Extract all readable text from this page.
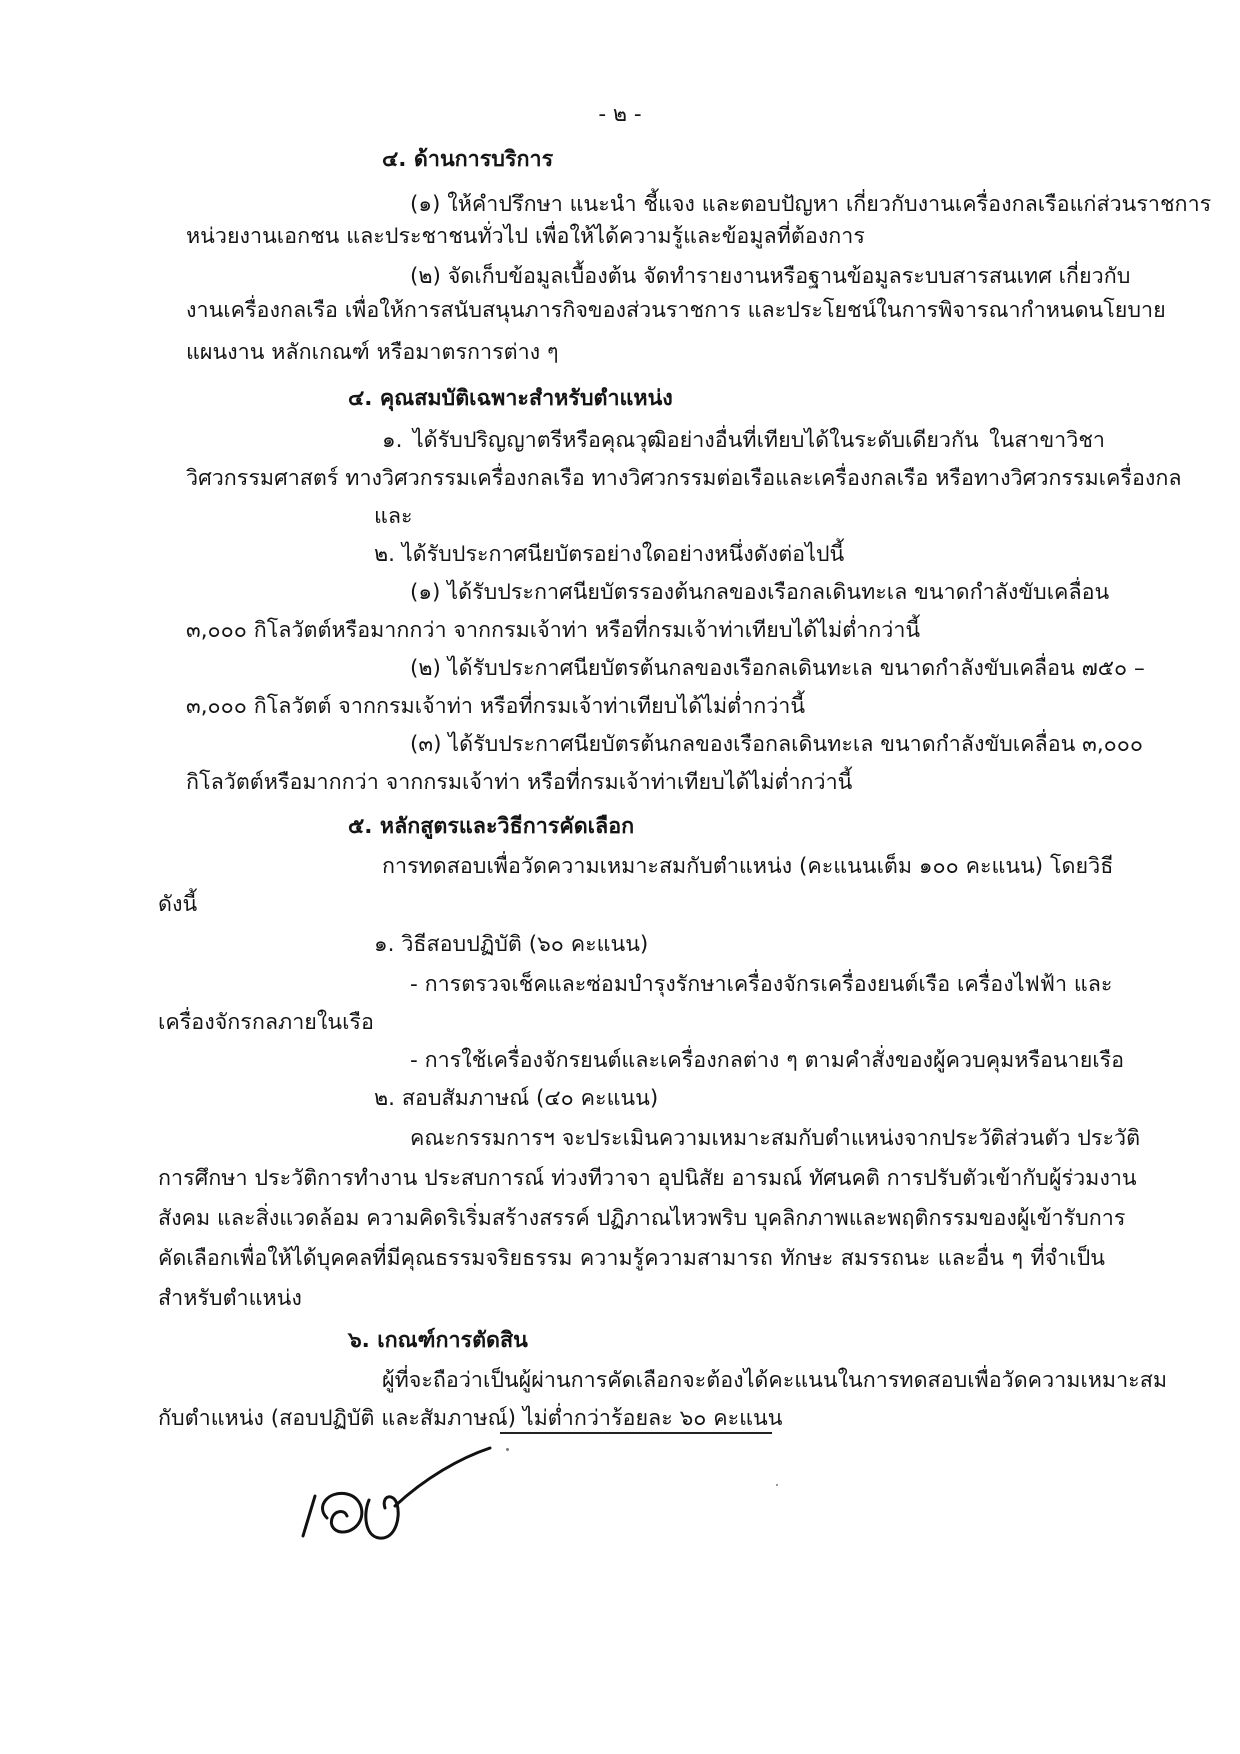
- ๒ -
๔. ด้านการบริการ
(๑) ให้คำปรึกษา แนะนำ ชี้แจง และตอบปัญหา เกี่ยวกับงานเครื่องกลเรือแก่ส่วนราชการ
หน่วยงานเอกชน และประชาชนทั่วไป เพื่อให้ได้ความรู้และข้อมูลที่ต้องการ
(๒) จัดเก็บข้อมูลเบื้องต้น จัดทำรายงานหรือฐานข้อมูลระบบสารสนเทศ เกี่ยวกับ
งานเครื่องกลเรือ เพื่อให้การสนับสนุนภารกิจของส่วนราชการ และประโยชน์ในการพิจารณากำหนดนโยบาย
แผนงาน หลักเกณฑ์ หรือมาตรการต่าง ๆ
๔. คุณสมบัติเฉพาะสำหรับตำแหน่ง
๑. ได้รับปริญญาตรีหรือคุณวุฒิอย่างอื่นที่เทียบได้ในระดับเดียวกัน ในสาขาวิชา
วิศวกรรมศาสตร์ ทางวิศวกรรมเครื่องกลเรือ ทางวิศวกรรมต่อเรือและเครื่องกลเรือ หรือทางวิศวกรรมเครื่องกล
และ
๒. ได้รับประกาศนียบัตรอย่างใดอย่างหนึ่งดังต่อไปนี้
(๑) ได้รับประกาศนียบัตรรองต้นกลของเรือกลเดินทะเล ขนาดกำลังขับเคลื่อน
๓,๐๐๐ กิโลวัตต์หรือมากกว่า จากกรมเจ้าท่า หรือที่กรมเจ้าท่าเทียบได้ไม่ต่ำกว่านี้
(๒) ได้รับประกาศนียบัตรต้นกลของเรือกลเดินทะเล ขนาดกำลังขับเคลื่อน ๗๕๐ –
๓,๐๐๐ กิโลวัตต์ จากกรมเจ้าท่า หรือที่กรมเจ้าท่าเทียบได้ไม่ต่ำกว่านี้
(๓) ได้รับประกาศนียบัตรต้นกลของเรือกลเดินทะเล ขนาดกำลังขับเคลื่อน ๓,๐๐๐
กิโลวัตต์หรือมากกว่า จากกรมเจ้าท่า หรือที่กรมเจ้าท่าเทียบได้ไม่ต่ำกว่านี้
๕. หลักสูตรและวิธีการคัดเลือก
การทดสอบเพื่อวัดความเหมาะสมกับตำแหน่ง (คะแนนเต็ม ๑๐๐ คะแนน) โดยวิธี
ดังนี้
๑. วิธีสอบปฏิบัติ (๖๐ คะแนน)
- การตรวจเช็คและซ่อมบำรุงรักษาเครื่องจักรเครื่องยนต์เรือ เครื่องไฟฟ้า และ
เครื่องจักรกลภายในเรือ
- การใช้เครื่องจักรยนต์และเครื่องกลต่าง ๆ ตามคำสั่งของผู้ควบคุมหรือนายเรือ
๒. สอบสัมภาษณ์ (๔๐ คะแนน)
คณะกรรมการฯ จะประเมินความเหมาะสมกับตำแหน่งจากประวัติส่วนตัว ประวัติ
การศึกษา ประวัติการทำงาน ประสบการณ์ ท่วงทีวาจา อุปนิสัย อารมณ์ ทัศนคติ การปรับตัวเข้ากับผู้ร่วมงาน
สังคม และสิ่งแวดล้อม ความคิดริเริ่มสร้างสรรค์ ปฏิภาณไหวพริบ บุคลิกภาพและพฤติกรรมของผู้เข้ารับการ
คัดเลือกเพื่อให้ได้บุคคลที่มีคุณธรรมจริยธรรม ความรู้ความสามารถ ทักษะ สมรรถนะ และอื่น ๆ ที่จำเป็น
สำหรับตำแหน่ง
๖. เกณฑ์การตัดสิน
ผู้ที่จะถือว่าเป็นผู้ผ่านการคัดเลือกจะต้องได้คะแนนในการทดสอบเพื่อวัดความเหมาะสม
กับตำแหน่ง (สอบปฏิบัติ และสัมภาษณ์) ไม่ต่ำกว่าร้อยละ ๖๐ คะแนน
